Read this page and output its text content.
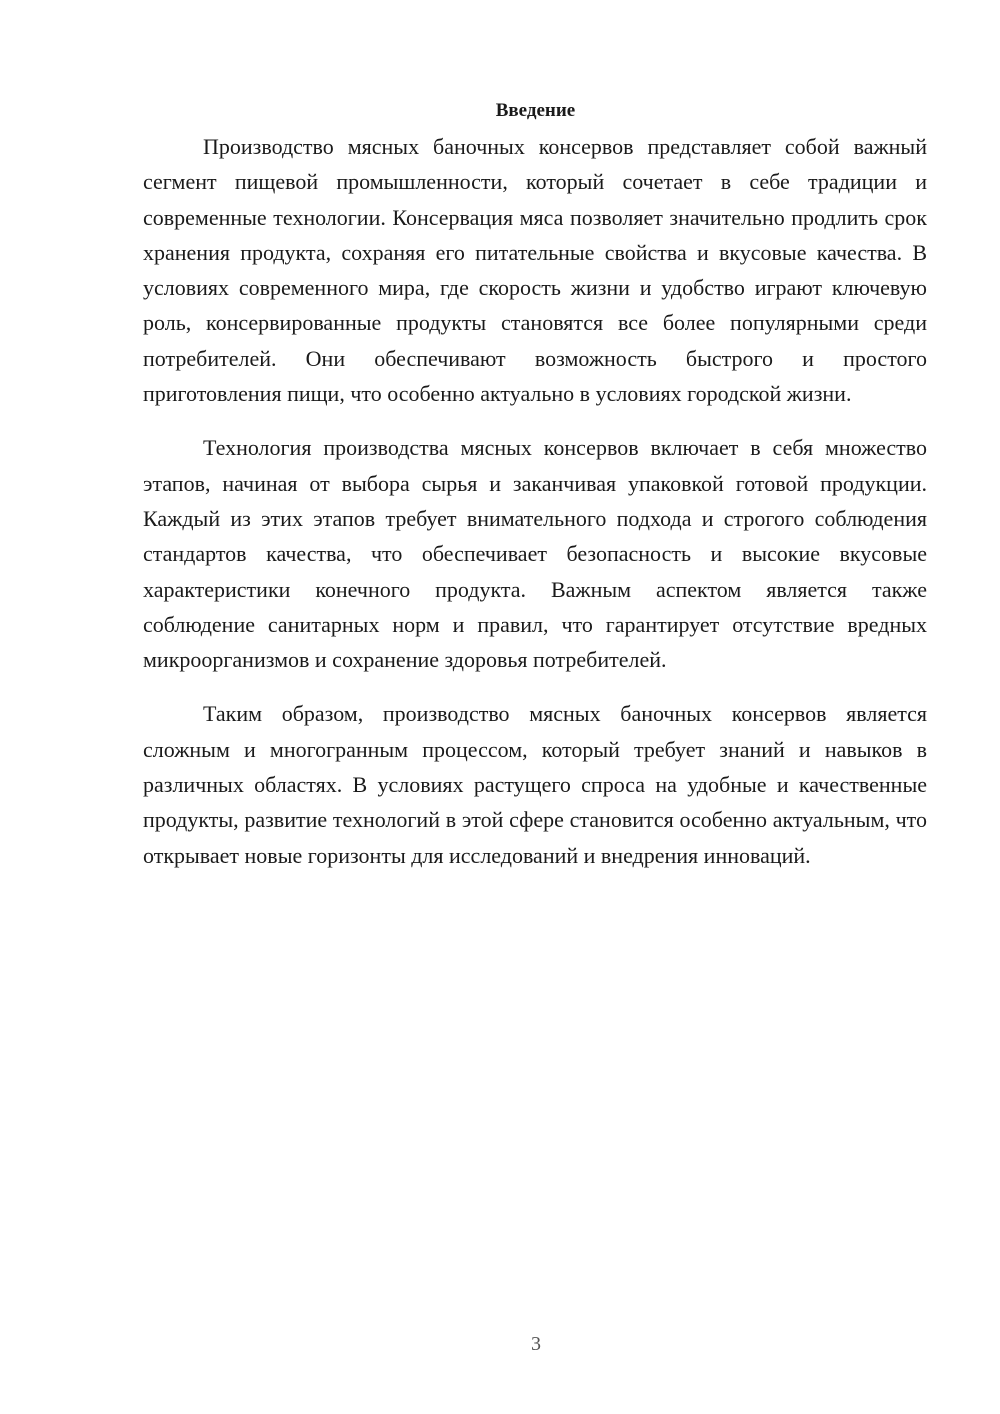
Введение

Производство мясных баночных консервов представляет собой важный сегмент пищевой промышленности, который сочетает в себе традиции и современные технологии. Консервация мяса позволяет значительно продлить срок хранения продукта, сохраняя его питательные свойства и вкусовые качества. В условиях современного мира, где скорость жизни и удобство играют ключевую роль, консервированные продукты становятся все более популярными среди потребителей. Они обеспечивают возможность быстрого и простого приготовления пищи, что особенно актуально в условиях городской жизни.

Технология производства мясных консервов включает в себя множество этапов, начиная от выбора сырья и заканчивая упаковкой готовой продукции. Каждый из этих этапов требует внимательного подхода и строгого соблюдения стандартов качества, что обеспечивает безопасность и высокие вкусовые характеристики конечного продукта. Важным аспектом является также соблюдение санитарных норм и правил, что гарантирует отсутствие вредных микроорганизмов и сохранение здоровья потребителей.

Таким образом, производство мясных баночных консервов является сложным и многогранным процессом, который требует знаний и навыков в различных областях. В условиях растущего спроса на удобные и качественные продукты, развитие технологий в этой сфере становится особенно актуальным, что открывает новые горизонты для исследований и внедрения инноваций.

3
